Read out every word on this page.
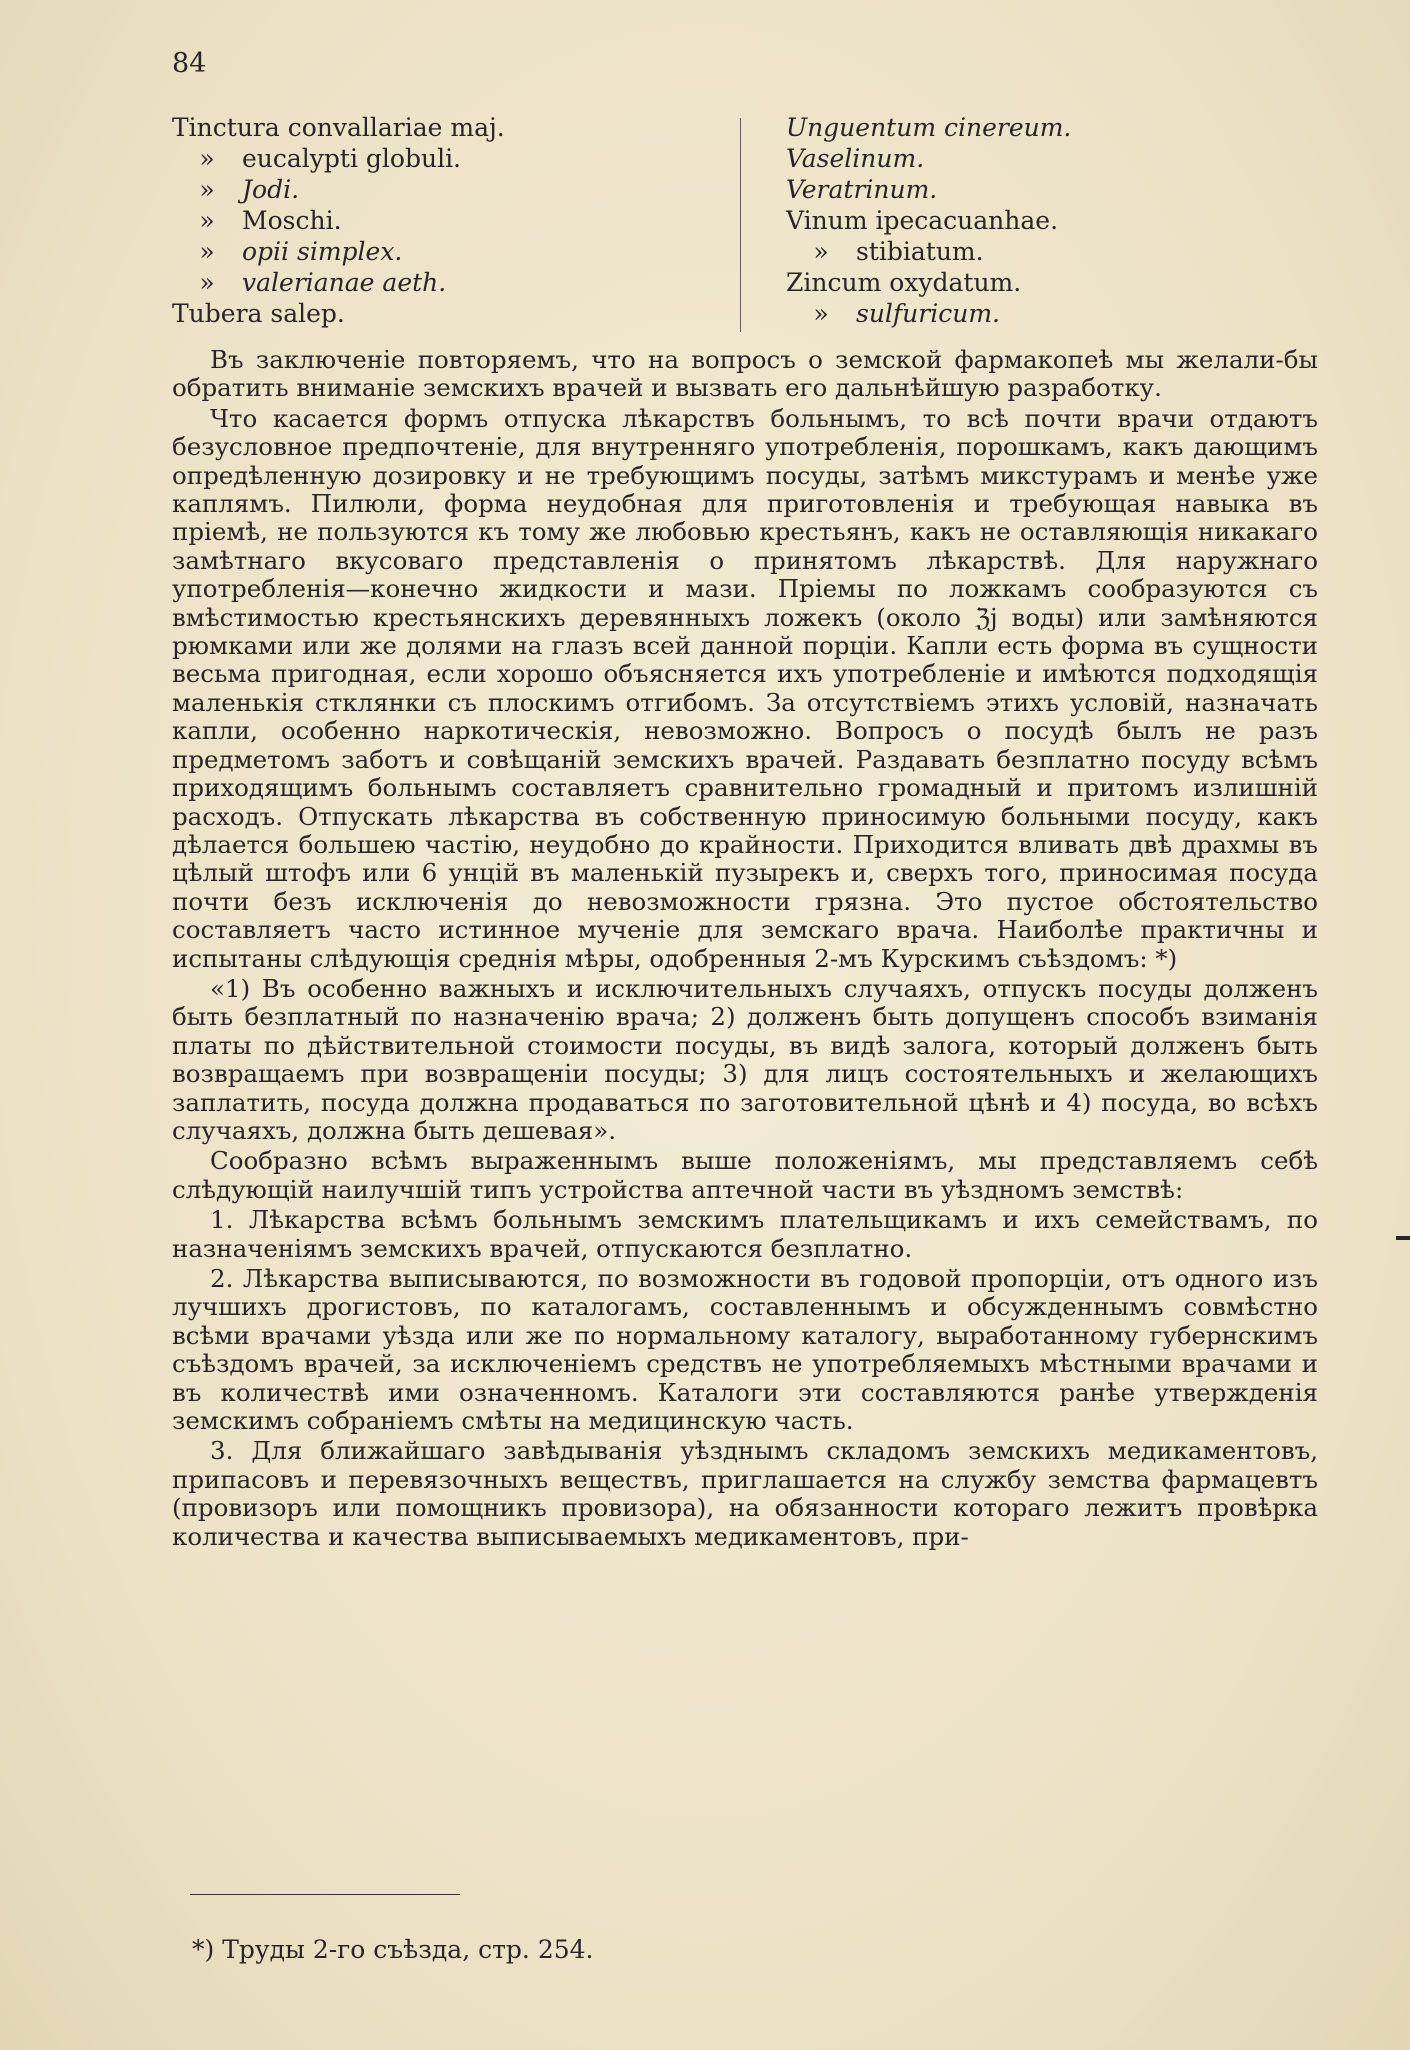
84
Tinctura convallariae maj.
» eucalypti globuli.
» Jodi.
» Moschi.
» opii simplex.
» valerianae aeth.
Tubera salep.
Unguentum cinereum.
Vaselinum.
Veratrinum.
Vinum ipecacuanhae.
» stibiatum.
Zincum oxydatum.
» sulfuricum.

Въ заключенiе повторяемъ, что на вопросъ о земской фармакопеѣ мы желали-бы обратить вниманiе земскихъ врачей и вызвать его дальнѣйшую разработку.

Что касается формъ отпуска лѣкарствъ больнымъ, то всѣ почти врачи отдаютъ безусловное предпочтенiе, для внутренняго употребленiя, порошкамъ, какъ дающимъ опредѣленную дозировку и не требующимъ посуды, затѣмъ микстурамъ и менѣе уже каплямъ. Пилюли, форма неудобная для приготовленiя и требующая навыка въ прiемѣ, не пользуются къ тому же любовью крестьянъ, какъ не оставляющiя никакаго замѣтнаго вкусоваго представленiя о принятомъ лѣкарствѣ. Для наружнаго употребленiя—конечно жидкости и мази. Прiемы по ложкамъ сообразуются съ вмѣстимостью крестьянскихъ деревянныхъ ложекъ (около ℨj воды) или замѣняются рюмками или же долями на глазъ всей данной порцiи. Капли есть форма въ сущности весьма пригодная, если хорошо объясняется ихъ употребленiе и имѣются подходящiя маленькiя стклянки съ плоскимъ отгибомъ. За отсутствiемъ этихъ условiй, назначать капли, особенно наркотическiя, невозможно. Вопросъ о посудѣ былъ не разъ предметомъ заботъ и совѣщанiй земскихъ врачей. Раздавать безплатно посуду всѣмъ приходящимъ больнымъ составляетъ сравнительно громадный и притомъ излишнiй расходъ. Отпускать лѣкарства въ собственную приносимую больными посуду, какъ дѣлается большею частiю, неудобно до крайности. Приходится вливать двѣ драхмы въ цѣлый штофъ или 6 унцiй въ маленькiй пузырекъ и, сверхъ того, приносимая посуда почти безъ исключенiя до невозможности грязна. Это пустое обстоятельство составляетъ часто истинное мученiе для земскаго врача. Наиболѣе практичны и испытаны слѣдующiя среднiя мѣры, одобренныя 2-мъ Курскимъ съѣздомъ: *)

«1) Въ особенно важныхъ и исключительныхъ случаяхъ, отпускъ посуды долженъ быть безплатный по назначенiю врача; 2) долженъ быть допущенъ способъ взиманiя платы по дѣйствительной стоимости посуды, въ видѣ залога, который долженъ быть возвращаемъ при возвращенiи посуды; 3) для лицъ состоятельныхъ и желающихъ заплатить, посуда должна продаваться по заготовительной цѣнѣ и 4) посуда, во всѣхъ случаяхъ, должна быть дешевая».

Сообразно всѣмъ выраженнымъ выше положенiямъ, мы представляемъ себѣ слѣдующiй наилучшiй типъ устройства аптечной части въ уѣздномъ земствѣ:

1. Лѣкарства всѣмъ больнымъ земскимъ плательщикамъ и ихъ семействамъ, по назначенiямъ земскихъ врачей, отпускаются безплатно.

2. Лѣкарства выписываются, по возможности въ годовой пропорцiи, отъ одного изъ лучшихъ дрогистовъ, по каталогамъ, составленнымъ и обсужденнымъ совмѣстно всѣми врачами уѣзда или же по нормальному каталогу, выработанному губернскимъ съѣздомъ врачей, за исключенiемъ средствъ не употребляемыхъ мѣстными врачами и въ количествѣ ими означенномъ. Каталоги эти составляются ранѣе утвержденiя земскимъ собранiемъ смѣты на медицинскую часть.

3. Для ближайшаго завѣдыванiя уѣзднымъ складомъ земскихъ медикаментовъ, припасовъ и перевязочныхъ веществъ, приглашается на службу земства фармацевтъ (провизоръ или помощникъ провизора), на обязанности котораго лежитъ провѣрка количества и качества выписываемыхъ медикаментовъ, при-

*) Труды 2-го съѣзда, стр. 254.
